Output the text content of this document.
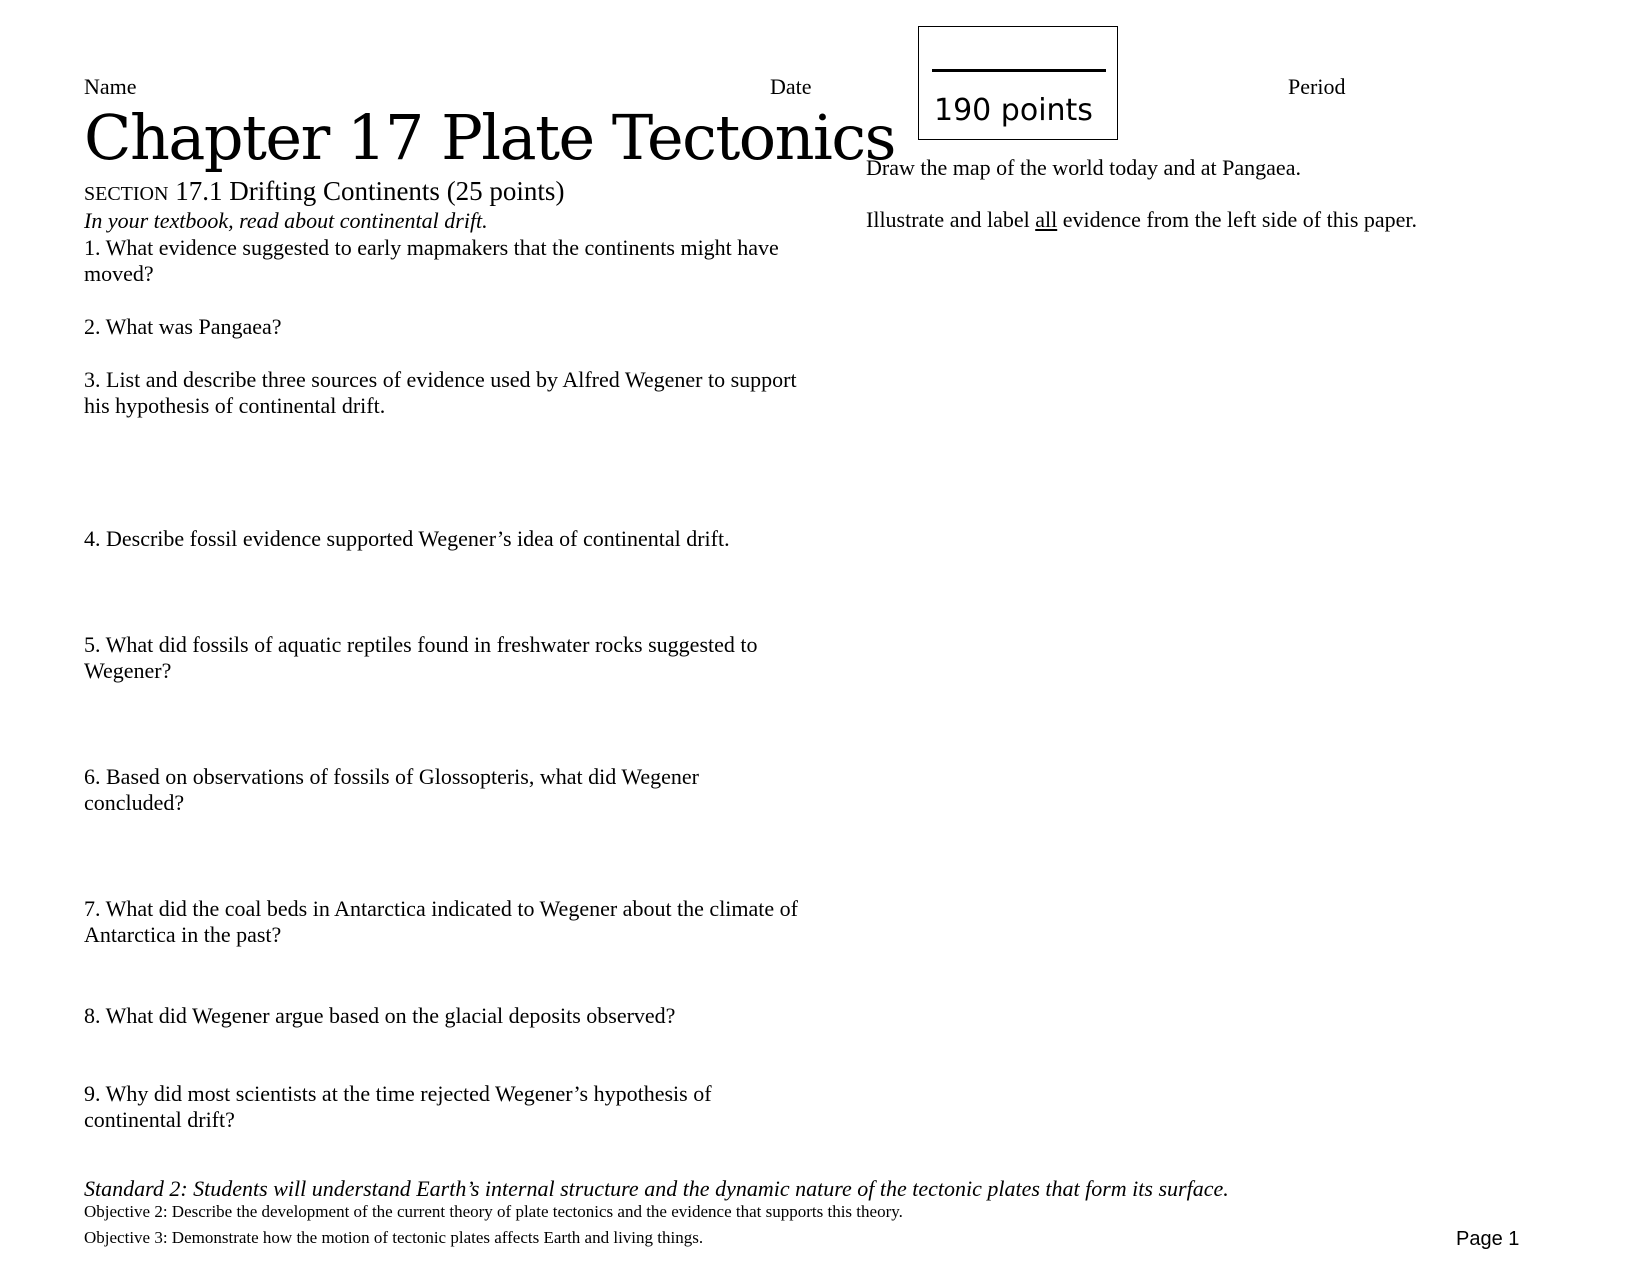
Name	Date	Period
190 points
Chapter 17 Plate Tectonics
SECTION 17.1 Drifting Continents (25 points)
In your textbook, read about continental drift.
1. What evidence suggested to early mapmakers that the continents might have moved?
2. What was Pangaea?
3. List and describe three sources of evidence used by Alfred Wegener to support his hypothesis of continental drift.
4. Describe fossil evidence supported Wegener’s idea of continental drift.
5. What did fossils of aquatic reptiles found in freshwater rocks suggested to Wegener?
6. Based on observations of fossils of Glossopteris, what did Wegener concluded?
7. What did the coal beds in Antarctica indicated to Wegener about the climate of Antarctica in the past?
8. What did Wegener argue based on the glacial deposits observed?
9. Why did most scientists at the time rejected Wegener’s hypothesis of continental drift?
Draw the map of the world today and at Pangaea.
Illustrate and label all evidence from the left side of this paper.
Standard 2: Students will understand Earth’s internal structure and the dynamic nature of the tectonic plates that form its surface.
Objective 2: Describe the development of the current theory of plate tectonics and the evidence that supports this theory.
Objective 3: Demonstrate how the motion of tectonic plates affects Earth and living things.	Page 1
